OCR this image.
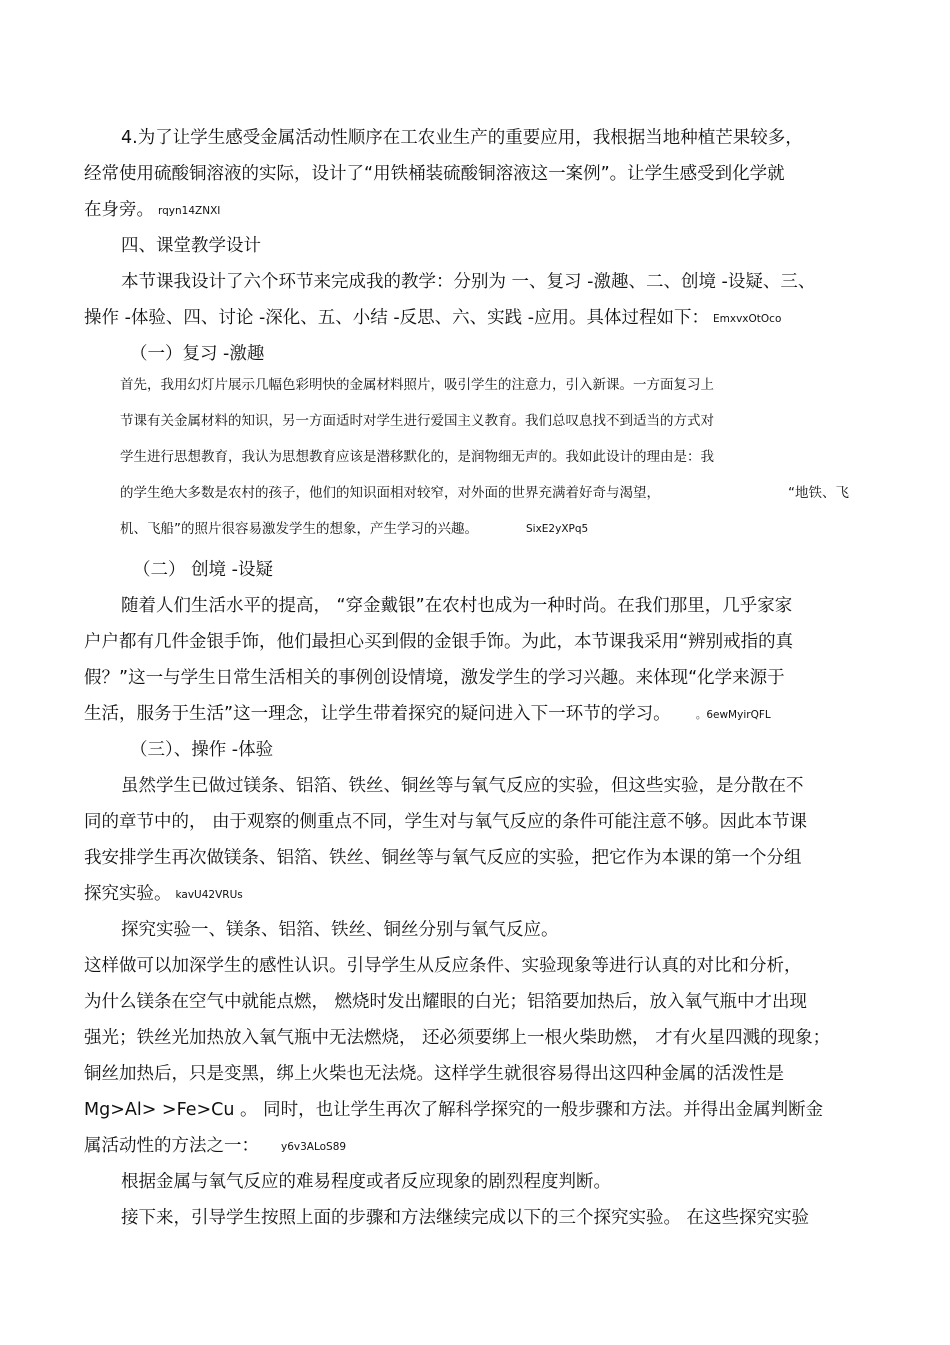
4.为了让学生感受金属活动性顺序在工农业生产的重要应用，我根据当地种植芒果较多，
经常使用硫酸铜溶液的实际，设计了“用铁桶装硫酸铜溶液这一案例”。让学生感受到化学就
在身旁。 rqyn14ZNXI
四、课堂教学设计
本节课我设计了六个环节来完成我的教学：分别为 一、复习 -激趣、二、创境 -设疑、三、
操作 -体验、四、讨论 -深化、五、小结 -反思、六、实践 -应用。具体过程如下： EmxvxOtOco
（一）复习 -激趣
首先，我用幻灯片展示几幅色彩明快的金属材料照片，吸引学生的注意力，引入新课。一方面复习上
节课有关金属材料的知识，另一方面适时对学生进行爱国主义教育。我们总叹息找不到适当的方式对
学生进行思想教育，我认为思想教育应该是潜移默化的，是润物细无声的。我如此设计的理由是：我
的学生绝大多数是农村的孩子，他们的知识面相对较窄，对外面的世界充满着好奇与渴望，	“地铁、飞
机、飞船”的照片很容易激发学生的想象，产生学习的兴趣。	SixE2yXPq5
（二） 创境 -设疑
随着人们生活水平的提高， “穿金戴银”在农村也成为一种时尚。在我们那里，几乎家家
户户都有几件金银手饰，他们最担心买到假的金银手饰。为此，本节课我采用“辨别戒指的真
假？”这一与学生日常生活相关的事例创设情境，激发学生的学习兴趣。来体现“化学来源于
生活，服务于生活”这一理念，让学生带着探究的疑问进入下一环节的学习。	。6ewMyirQFL
（三）、操作 -体验
虽然学生已做过镁条、铝箔、铁丝、铜丝等与氧气反应的实验，但这些实验，是分散在不
同的章节中的， 由于观察的侧重点不同，学生对与氧气反应的条件可能注意不够。因此本节课
我安排学生再次做镁条、铝箔、铁丝、铜丝等与氧气反应的实验，把它作为本课的第一个分组
探究实验。 kavU42VRUs
探究实验一、镁条、铝箔、铁丝、铜丝分别与氧气反应。
这样做可以加深学生的感性认识。引导学生从反应条件、实验现象等进行认真的对比和分析，
为什么镁条在空气中就能点燃， 燃烧时发出耀眼的白光；铝箔要加热后，放入氧气瓶中才出现
强光；铁丝光加热放入氧气瓶中无法燃烧， 还必须要绑上一根火柴助燃， 才有火星四溅的现象；
铜丝加热后，只是变黑，绑上火柴也无法烧。这样学生就很容易得出这四种金属的活泼性是
Mg>Al> >Fe>Cu 。 同时，也让学生再次了解科学探究的一般步骤和方法。并得出金属判断金
属活动性的方法之一： y6v3ALoS89
根据金属与氧气反应的难易程度或者反应现象的剧烈程度判断。
接下来，引导学生按照上面的步骤和方法继续完成以下的三个探究实验。 在这些探究实验
